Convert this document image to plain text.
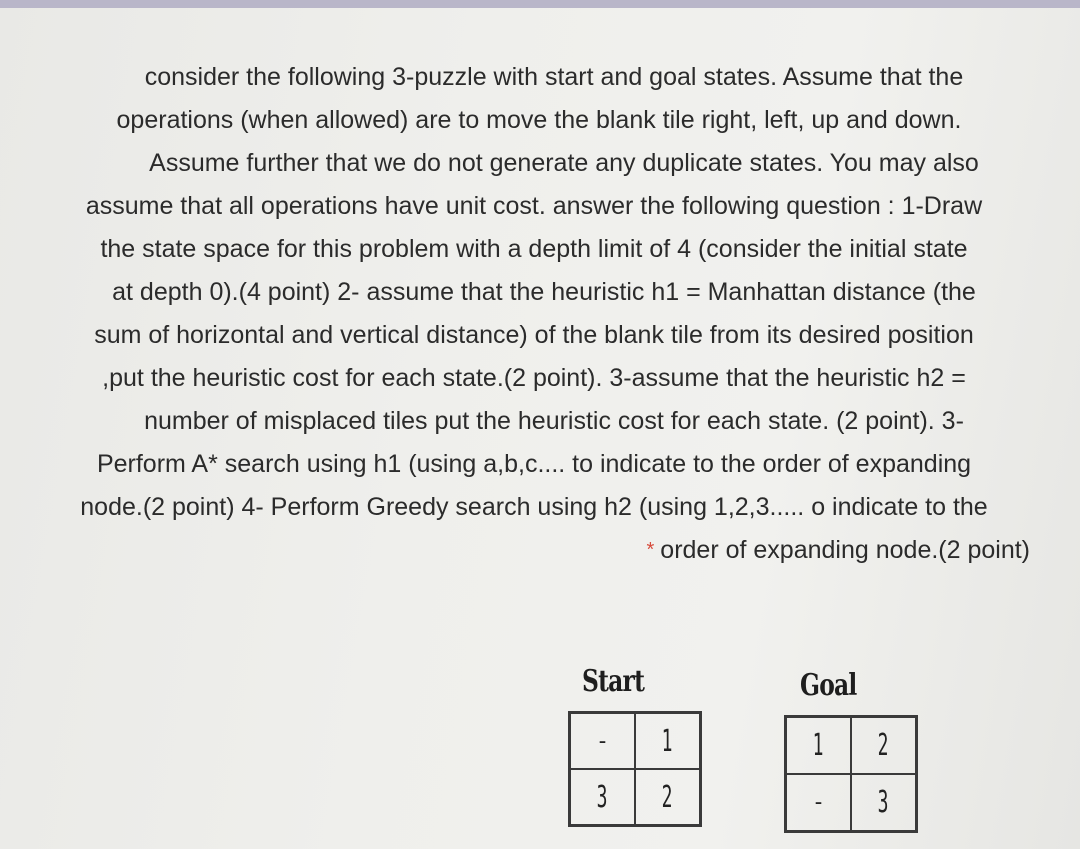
consider the following 3-puzzle with start and goal states. Assume that the
operations (when allowed) are to move the blank tile right, left, up and down.
Assume further that we do not generate any duplicate states. You may also
assume that all operations have unit cost. answer the following question : 1-Draw
the state space for this problem with a depth limit of 4 (consider the initial state
at depth 0).(4 point) 2- assume that the heuristic h1 = Manhattan distance (the
sum of horizontal and vertical distance) of the blank tile from its desired position
,put the heuristic cost for each state.(2 point). 3-assume that the heuristic h2 =
number of misplaced tiles put the heuristic cost for each state. (2 point). 3-
Perform A* search using h1 (using a,b,c.... to indicate to the order of expanding
node.(2 point) 4- Perform Greedy search using h2 (using 1,2,3..... o indicate to the
* order of expanding node.(2 point)
Start
- 1
3 2
Goal
1 2
- 3
